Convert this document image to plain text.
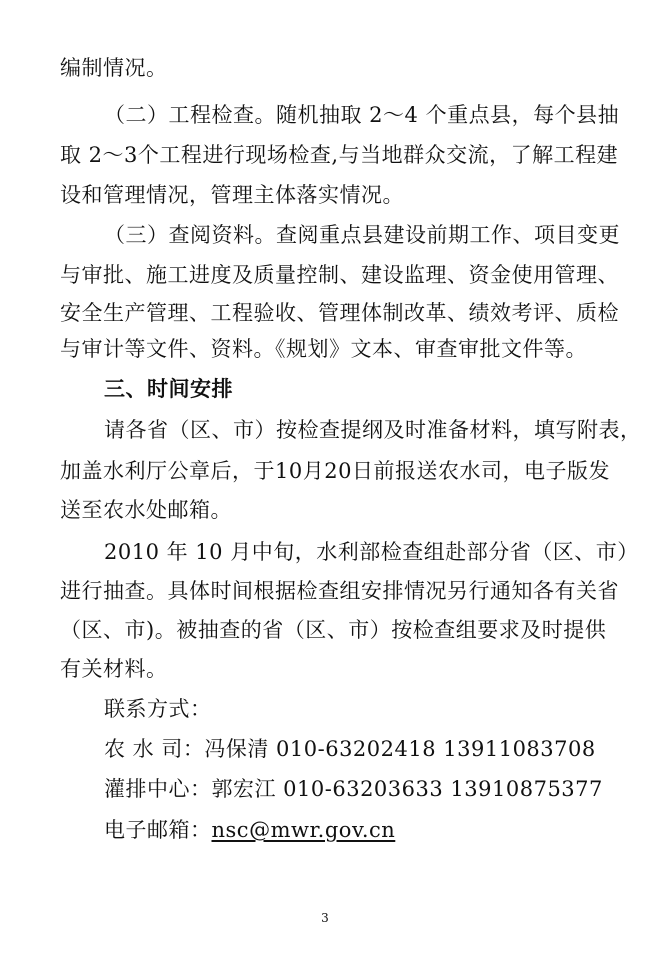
编制情况。
（二）工程检查。随机抽取 2～4 个重点县，每个县抽
取 2～3个工程进行现场检查,与当地群众交流，了解工程建
设和管理情况，管理主体落实情况。
（三）查阅资料。查阅重点县建设前期工作、项目变更
与审批、施工进度及质量控制、建设监理、资金使用管理、
安全生产管理、工程验收、管理体制改革、绩效考评、质检
与审计等文件、资料。《规划》文本、审查审批文件等。
三、时间安排
请各省（区、市）按检查提纲及时准备材料，填写附表，
加盖水利厅公章后，于10月20日前报送农水司，电子版发
送至农水处邮箱。
2010 年 10 月中旬，水利部检查组赴部分省（区、市）
进行抽查。具体时间根据检查组安排情况另行通知各有关省
（区、市)。被抽查的省（区、市）按检查组要求及时提供
有关材料。
联系方式：
农 水 司：冯保清 010-63202418 13911083708
灌排中心：郭宏江 010-63203633 13910875377
电子邮箱：nsc@mwr.gov.cn
3
